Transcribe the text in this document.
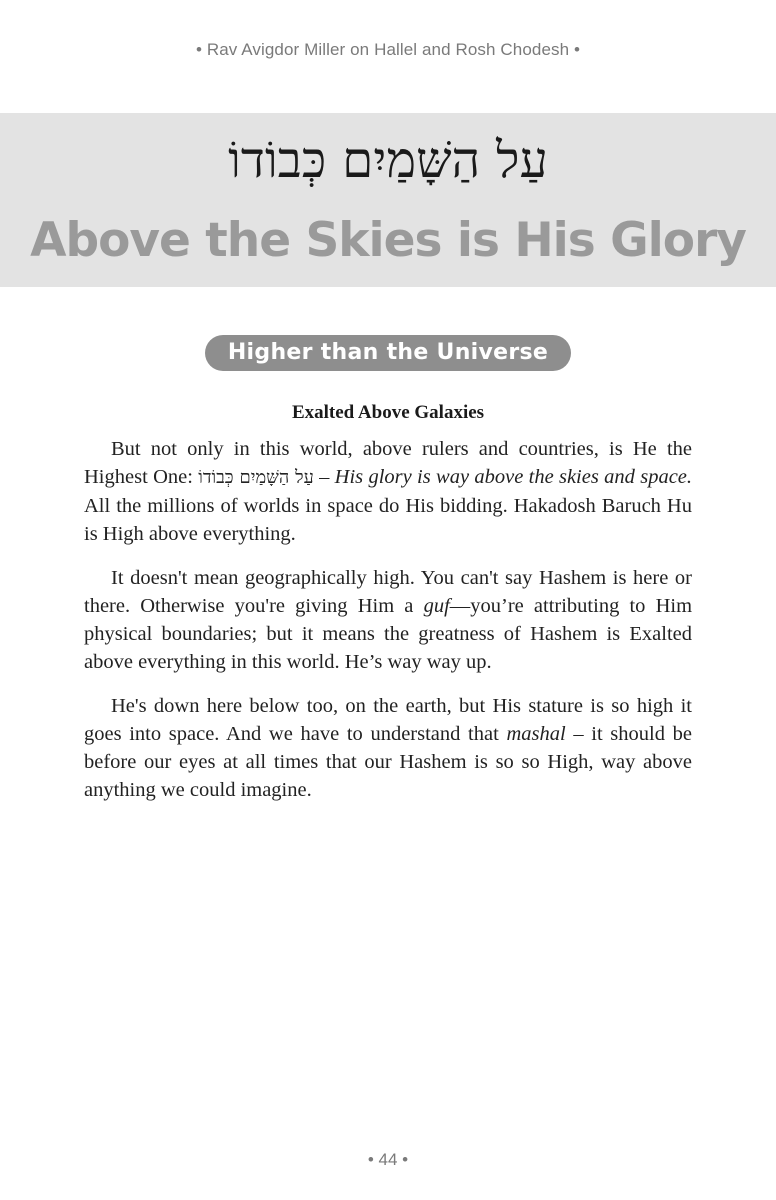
• Rav Avigdor Miller on Hallel and Rosh Chodesh •
עַל הַשָּׁמַיִם כְּבוֹדוֹ
Above the Skies is His Glory
Higher than the Universe
Exalted Above Galaxies

But not only in this world, above rulers and countries, is He the Highest One: עַל הַשָּׁמַיִם כְּבוֹדוֹ – His glory is way above the skies and space. All the millions of worlds in space do His bidding. Hakadosh Baruch Hu is High above everything.

It doesn't mean geographically high. You can't say Hashem is here or there. Otherwise you're giving Him a guf—you’re attributing to Him physical boundaries; but it means the greatness of Hashem is Exalted above everything in this world. He’s way way up.

He's down here below too, on the earth, but His stature is so high it goes into space. And we have to understand that mashal – it should be before our eyes at all times that our Hashem is so so High, way above anything we could imagine.

• 44 •
